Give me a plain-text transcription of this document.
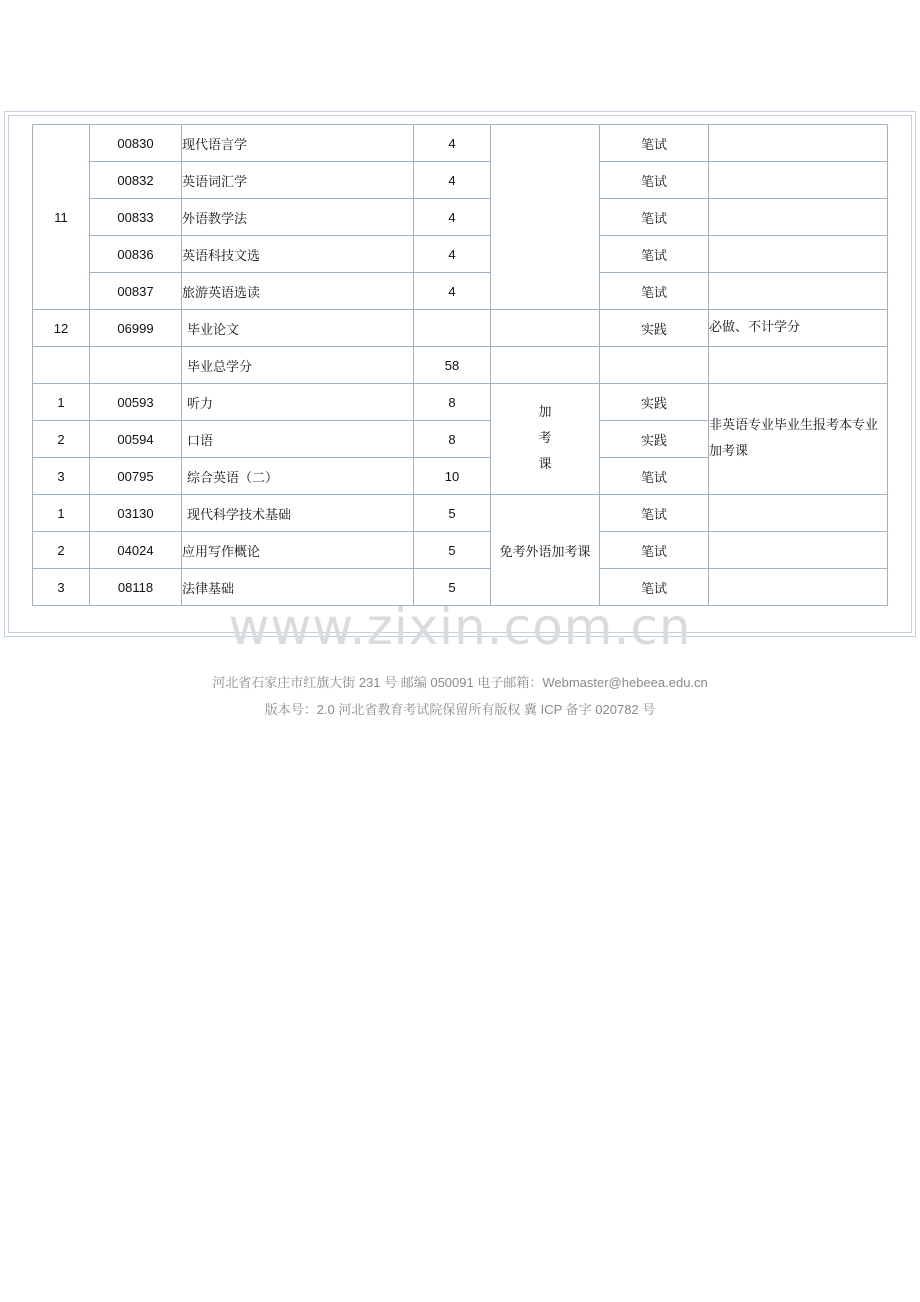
11	00830	现代语言学	4		笔试	
	00832	英语词汇学	4		笔试	
	00833	外语教学法	4		笔试	
	00836	英语科技文选	4		笔试	
	00837	旅游英语选读	4		笔试	
12	06999	毕业论文			实践	必做、不计学分
		毕业总学分	58			
1	00593	听力	8	加考课	实践	非英语专业毕业生报考本专业加考课
2	00594	口语	8		实践	
3	00795	综合英语（二）	10		笔试	
1	03130	现代科学技术基础	5	免考外语加考课	笔试	
2	04024	应用写作概论	5		笔试	
3	08118	法律基础	5		笔试	
www.zixin.com.cn
河北省石家庄市红旗大街 231 号 邮编 050091 电子邮箱：Webmaster@hebeea.edu.cn
版本号：2.0 河北省教育考试院保留所有版权 冀 ICP 备字 020782 号
